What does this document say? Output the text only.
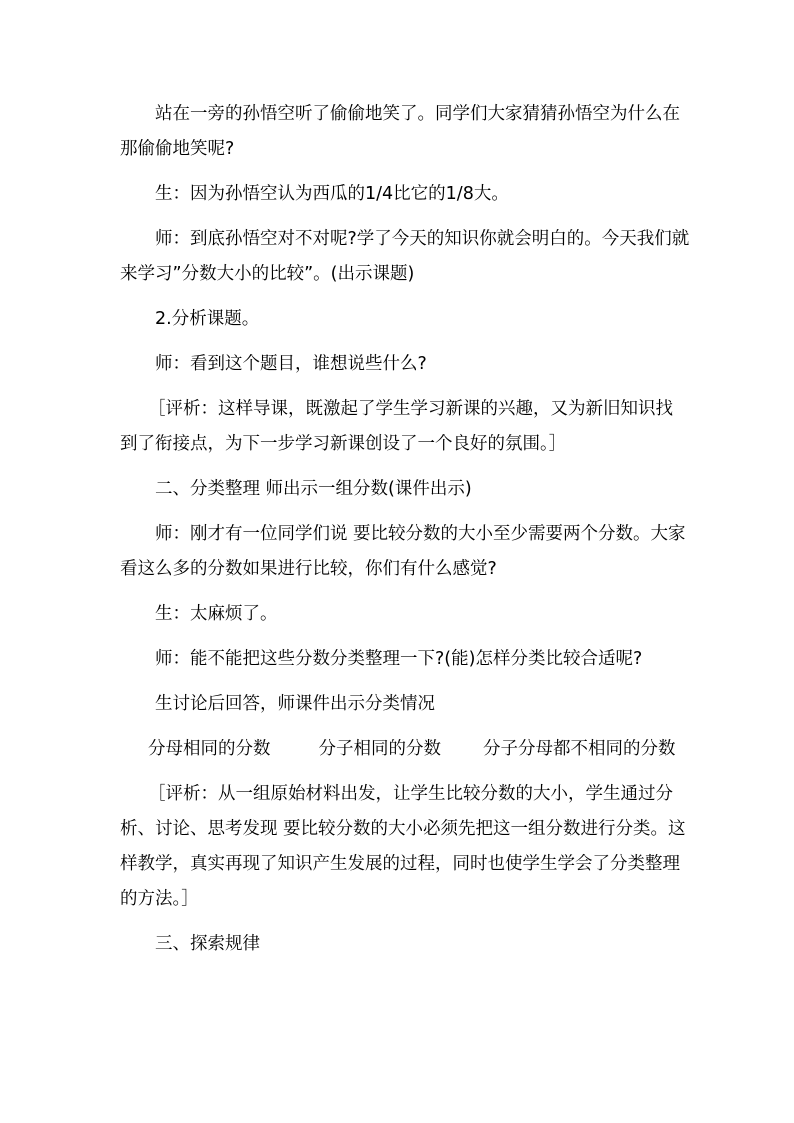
站在一旁的孙悟空听了偷偷地笑了。同学们大家猜猜孙悟空为什么在那偷偷地笑呢?

生：因为孙悟空认为西瓜的1/4比它的1/8大。

师：到底孙悟空对不对呢?学了今天的知识你就会明白的。今天我们就来学习”分数大小的比较”。(出示课题)

2.分析课题。

师：看到这个题目，谁想说些什么?

［评析：这样导课，既激起了学生学习新课的兴趣，又为新旧知识找到了衔接点，为下一步学习新课创设了一个良好的氛围。］

二、分类整理 师出示一组分数(课件出示)

师：刚才有一位同学们说 要比较分数的大小至少需要两个分数。大家看这么多的分数如果进行比较，你们有什么感觉?

生：太麻烦了。

师：能不能把这些分数分类整理一下?(能)怎样分类比较合适呢?

生讨论后回答，师课件出示分类情况

分母相同的分数	分子相同的分数 分子分母都不相同的分数

［评析：从一组原始材料出发，让学生比较分数的大小，学生通过分析、讨论、思考发现 要比较分数的大小必须先把这一组分数进行分类。这样教学，真实再现了知识产生发展的过程，同时也使学生学会了分类整理的方法。］

三、探索规律
